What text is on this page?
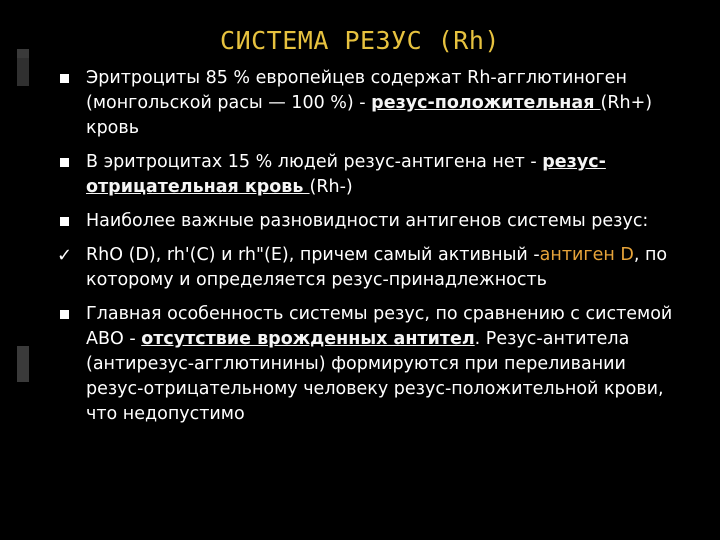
СИСТЕМА РЕЗУС (Rh)
Эритроциты 85 % европейцев содержат Rh-агглютиноген (монгольской расы — 100 %) - резус-положительная (Rh+) кровь
В эритроцитах 15 % людей резус-антигена нет - резус-отрицательная кровь (Rh-)
Наиболее важные разновидности антигенов системы резус:
✓ RhO (D), rh'(C) и rh"(E), причем самый активный -антиген D, по которому и определяется резус-принадлежность
Главная особенность системы резус, по сравнению с системой АВО - отсутствие врожденных антител. Резус-антитела (антирезус-агглютинины) формируются при переливании резус-отрицательному человеку резус-положительной крови, что недопустимо
